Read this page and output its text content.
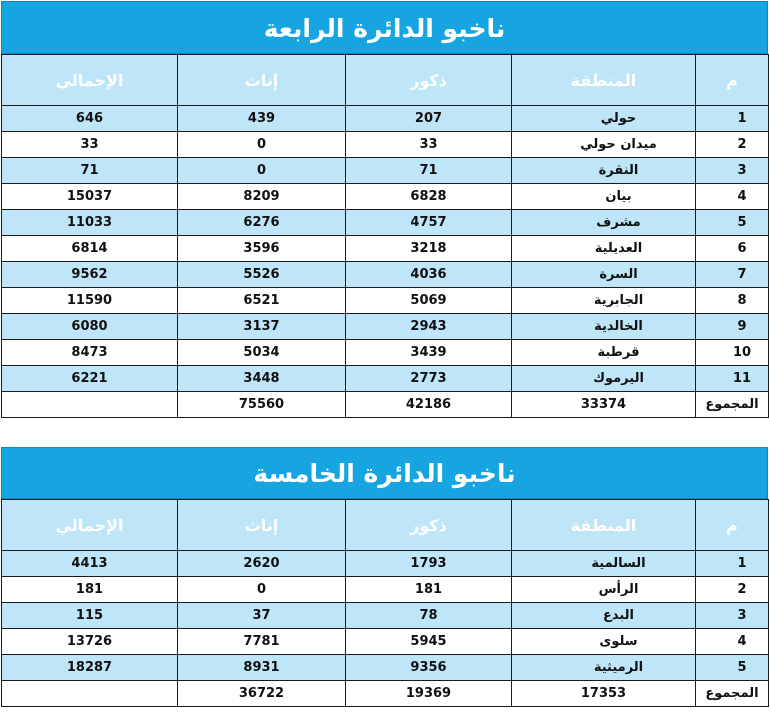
ناخبو الدائرة الرابعة
م	المنطقة	ذكور	إناث	الإجمالي
1	حولي	207	439	646
2	ميدان حولي	33	0	33
3	النقرة	71	0	71
4	بيان	6828	8209	15037
5	مشرف	4757	6276	11033
6	العديلية	3218	3596	6814
7	السرة	4036	5526	9562
8	الجابرية	5069	6521	11590
9	الخالدية	2943	3137	6080
10	قرطبة	3439	5034	8473
11	اليرموك	2773	3448	6221
المجموع	33374	42186	75560	
ناخبو الدائرة الخامسة
م	المنطقة	ذكور	إناث	الإجمالي
1	السالمية	1793	2620	4413
2	الرأس	181	0	181
3	البدع	78	37	115
4	سلوى	5945	7781	13726
5	الرميثية	9356	8931	18287
المجموع	17353	19369	36722	
